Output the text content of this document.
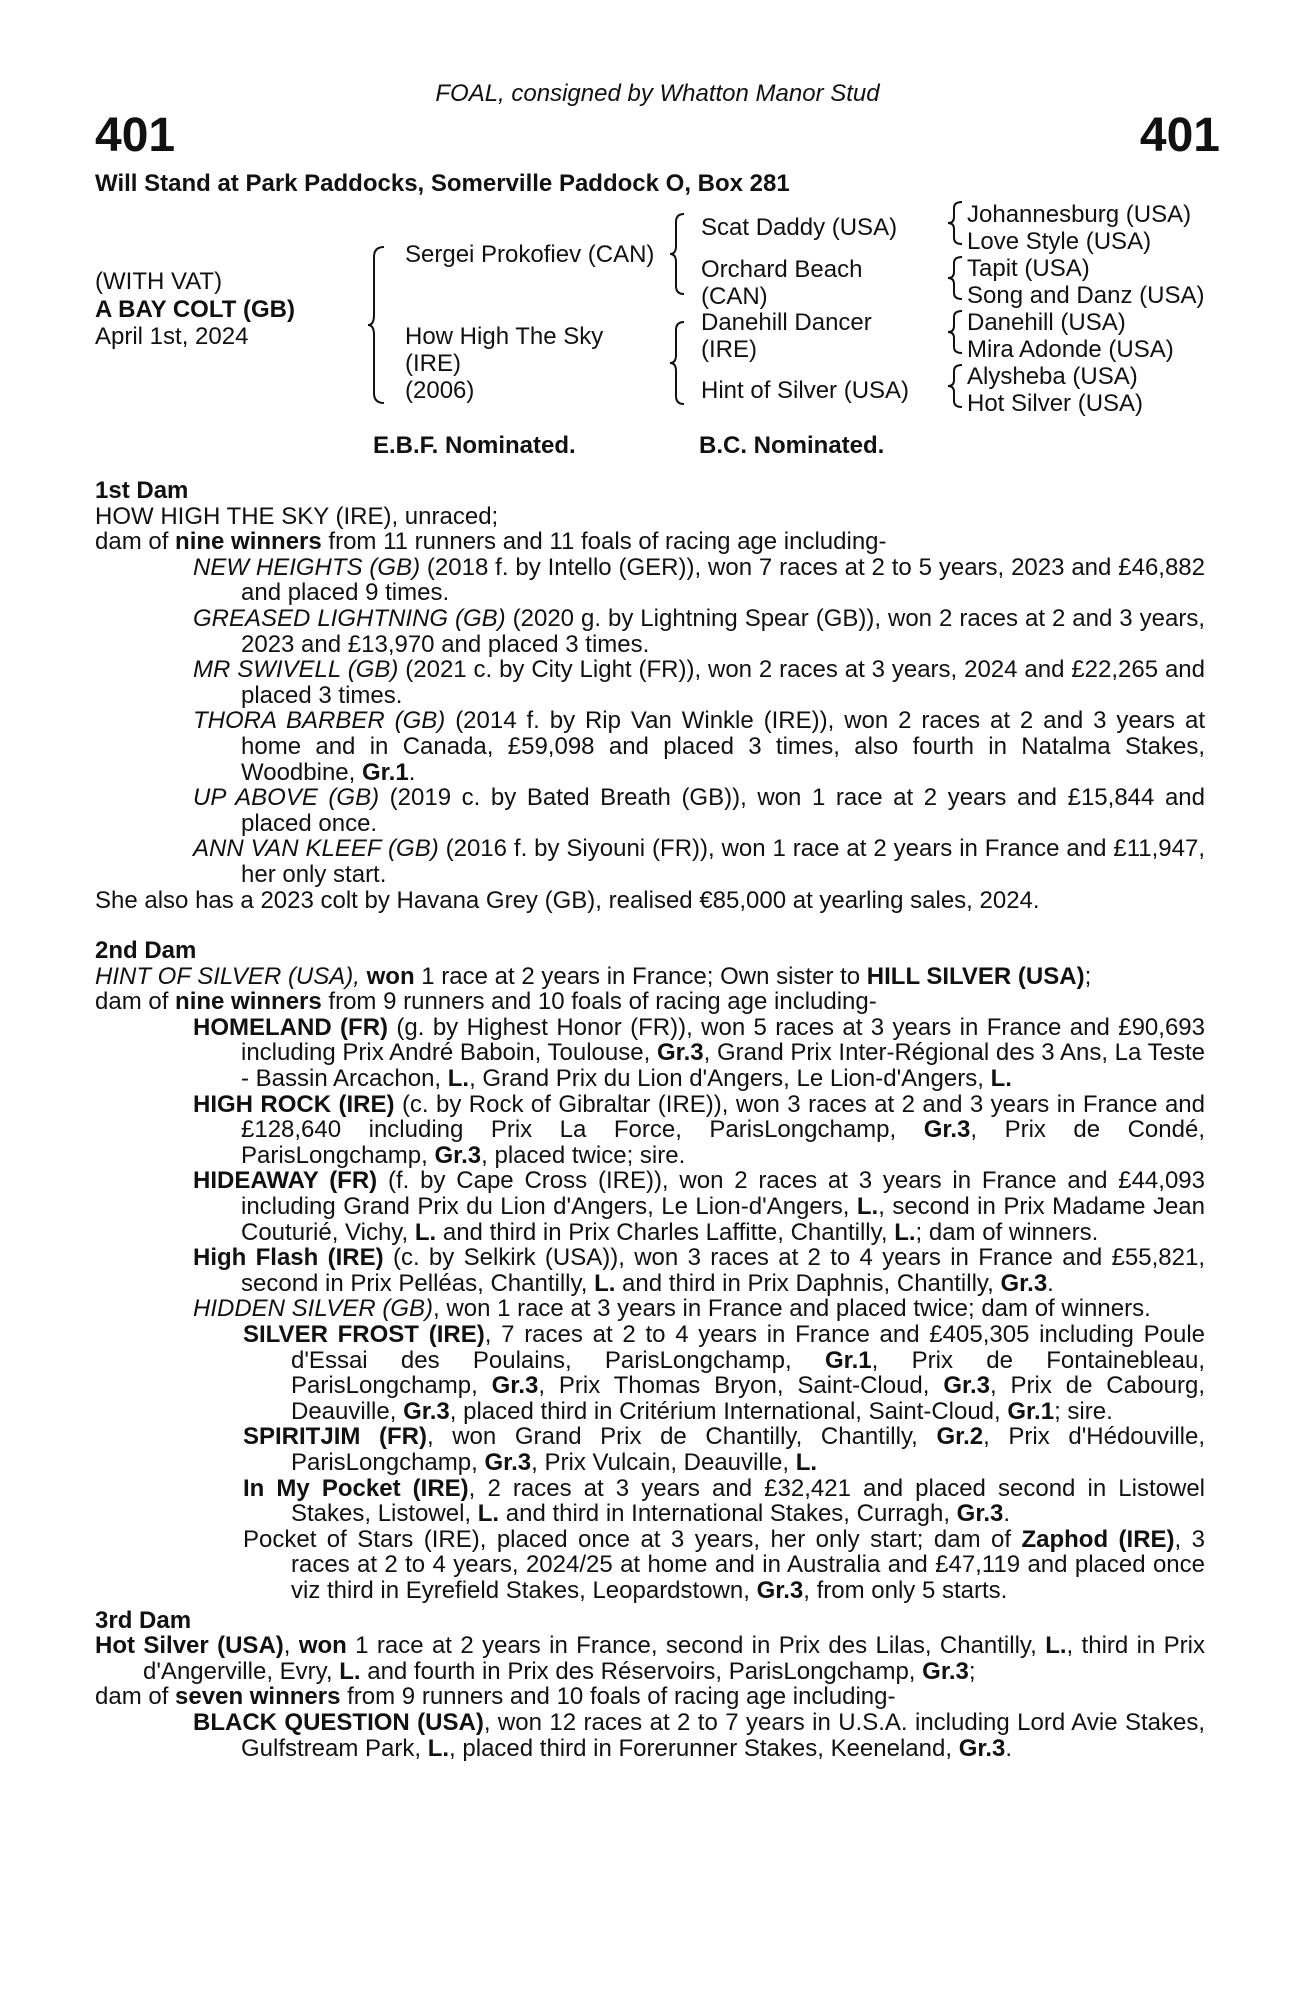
FOAL, consigned by Whatton Manor Stud
401	401
Will Stand at Park Paddocks, Somerville Paddock O, Box 281
(WITH VAT)
A BAY COLT (GB)
April 1st, 2024
Sergei Prokofiev (CAN)
How High The Sky
(IRE)
(2006)
Scat Daddy (USA)
Orchard Beach
(CAN)
Danehill Dancer
(IRE)
Hint of Silver (USA)
Johannesburg (USA)
Love Style (USA)
Tapit (USA)
Song and Danz (USA)
Danehill (USA)
Mira Adonde (USA)
Alysheba (USA)
Hot Silver (USA)
E.B.F. Nominated.	B.C. Nominated.
1st Dam

HOW HIGH THE SKY (IRE), unraced;

dam of nine winners from 11 runners and 11 foals of racing age including-

NEW HEIGHTS (GB) (2018 f. by Intello (GER)), won 7 races at 2 to 5 years, 2023 and £46,882 and placed 9 times.

GREASED LIGHTNING (GB) (2020 g. by Lightning Spear (GB)), won 2 races at 2 and 3 years, 2023 and £13,970 and placed 3 times.

MR SWIVELL (GB) (2021 c. by City Light (FR)), won 2 races at 3 years, 2024 and £22,265 and placed 3 times.

THORA BARBER (GB) (2014 f. by Rip Van Winkle (IRE)), won 2 races at 2 and 3 years at home and in Canada, £59,098 and placed 3 times, also fourth in Natalma Stakes, Woodbine, Gr.1.

UP ABOVE (GB) (2019 c. by Bated Breath (GB)), won 1 race at 2 years and £15,844 and placed once.

ANN VAN KLEEF (GB) (2016 f. by Siyouni (FR)), won 1 race at 2 years in France and £11,947, her only start.

She also has a 2023 colt by Havana Grey (GB), realised €85,000 at yearling sales, 2024.

2nd Dam

HINT OF SILVER (USA), won 1 race at 2 years in France; Own sister to HILL SILVER (USA);

dam of nine winners from 9 runners and 10 foals of racing age including-

HOMELAND (FR) (g. by Highest Honor (FR)), won 5 races at 3 years in France and £90,693 including Prix André Baboin, Toulouse, Gr.3, Grand Prix Inter-Régional des 3 Ans, La Teste - Bassin Arcachon, L., Grand Prix du Lion d'Angers, Le Lion-d'Angers, L.

HIGH ROCK (IRE) (c. by Rock of Gibraltar (IRE)), won 3 races at 2 and 3 years in France and £128,640 including Prix La Force, ParisLongchamp, Gr.3, Prix de Condé, ParisLongchamp, Gr.3, placed twice; sire.

HIDEAWAY (FR) (f. by Cape Cross (IRE)), won 2 races at 3 years in France and £44,093 including Grand Prix du Lion d'Angers, Le Lion-d'Angers, L., second in Prix Madame Jean Couturié, Vichy, L. and third in Prix Charles Laffitte, Chantilly, L.; dam of winners.

High Flash (IRE) (c. by Selkirk (USA)), won 3 races at 2 to 4 years in France and £55,821, second in Prix Pelléas, Chantilly, L. and third in Prix Daphnis, Chantilly, Gr.3.

HIDDEN SILVER (GB), won 1 race at 3 years in France and placed twice; dam of winners.

SILVER FROST (IRE), 7 races at 2 to 4 years in France and £405,305 including Poule d'Essai des Poulains, ParisLongchamp, Gr.1, Prix de Fontainebleau, ParisLongchamp, Gr.3, Prix Thomas Bryon, Saint-Cloud, Gr.3, Prix de Cabourg, Deauville, Gr.3, placed third in Critérium International, Saint-Cloud, Gr.1; sire.

SPIRITJIM (FR), won Grand Prix de Chantilly, Chantilly, Gr.2, Prix d'Hédouville, ParisLongchamp, Gr.3, Prix Vulcain, Deauville, L.

In My Pocket (IRE), 2 races at 3 years and £32,421 and placed second in Listowel Stakes, Listowel, L. and third in International Stakes, Curragh, Gr.3.

Pocket of Stars (IRE), placed once at 3 years, her only start; dam of Zaphod (IRE), 3 races at 2 to 4 years, 2024/25 at home and in Australia and £47,119 and placed once viz third in Eyrefield Stakes, Leopardstown, Gr.3, from only 5 starts.

3rd Dam

Hot Silver (USA), won 1 race at 2 years in France, second in Prix des Lilas, Chantilly, L., third in Prix d'Angerville, Evry, L. and fourth in Prix des Réservoirs, ParisLongchamp, Gr.3;

dam of seven winners from 9 runners and 10 foals of racing age including-

BLACK QUESTION (USA), won 12 races at 2 to 7 years in U.S.A. including Lord Avie Stakes, Gulfstream Park, L., placed third in Forerunner Stakes, Keeneland, Gr.3.
